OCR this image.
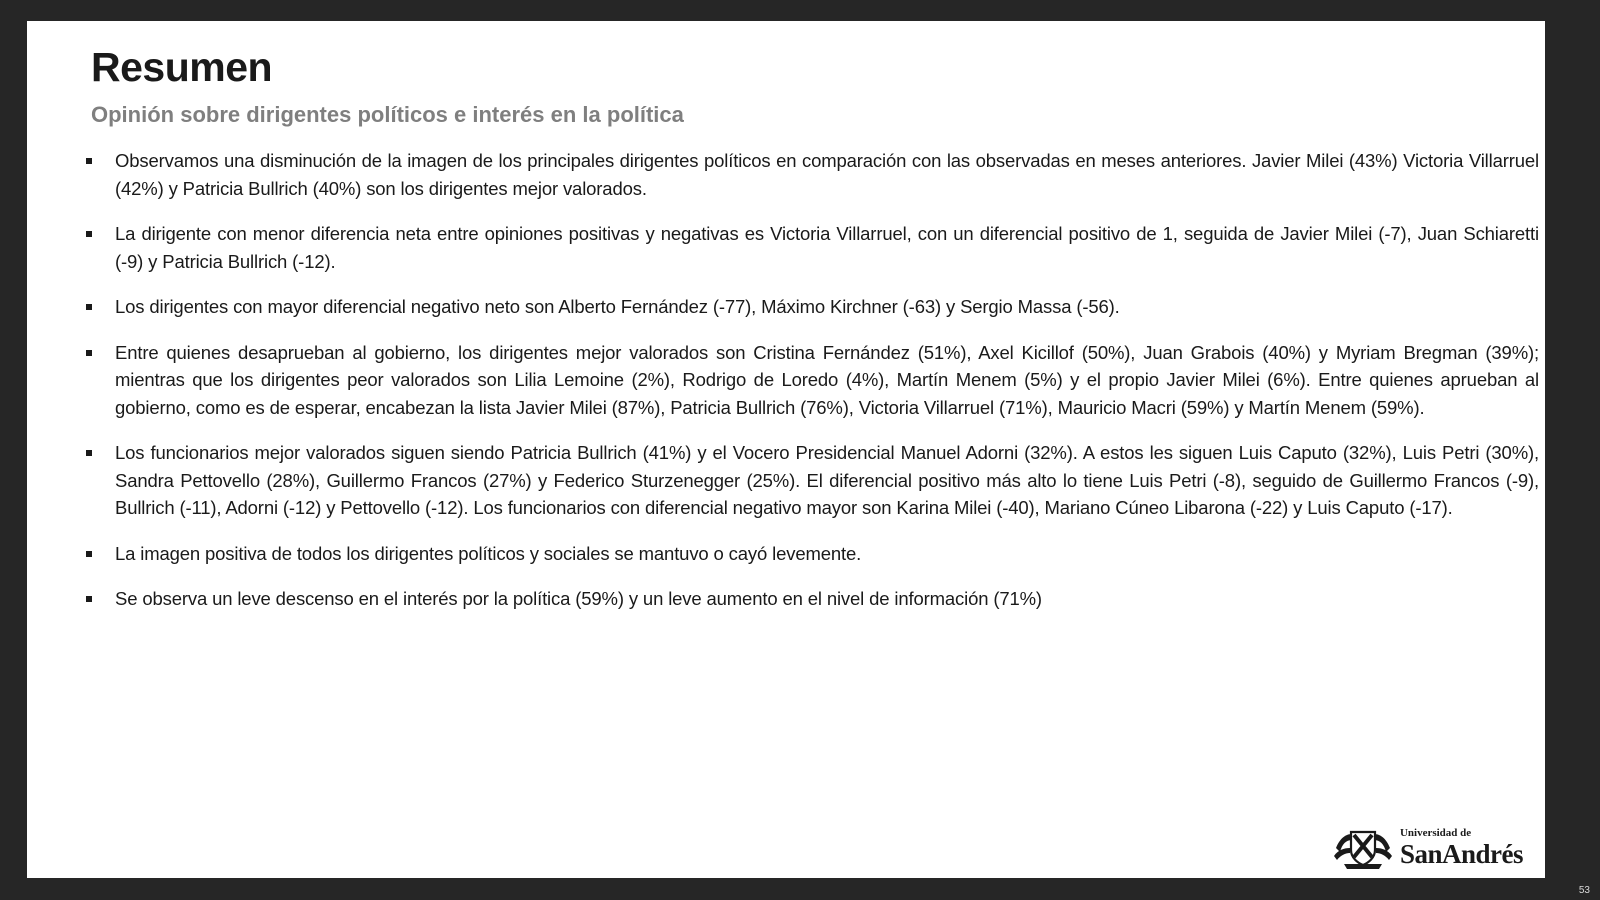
Resumen
Opinión sobre dirigentes políticos e interés en la política
Observamos una disminución de la imagen de los principales dirigentes políticos en comparación con las observadas en meses anteriores. Javier Milei (43%) Victoria Villarruel (42%) y Patricia Bullrich (40%) son los dirigentes mejor valorados.
La dirigente con menor diferencia neta entre opiniones positivas y negativas es Victoria Villarruel, con un diferencial positivo de 1, seguida de Javier Milei (-7), Juan Schiaretti (-9) y Patricia Bullrich (-12).
Los dirigentes con mayor diferencial negativo neto son Alberto Fernández (-77), Máximo Kirchner (-63) y Sergio Massa (-56).
Entre quienes desaprueban al gobierno, los dirigentes mejor valorados son Cristina Fernández (51%), Axel Kicillof (50%), Juan Grabois (40%) y Myriam Bregman (39%); mientras que los dirigentes peor valorados son Lilia Lemoine (2%), Rodrigo de Loredo (4%), Martín Menem (5%) y el propio Javier Milei (6%). Entre quienes aprueban al gobierno, como es de esperar, encabezan la lista Javier Milei (87%), Patricia Bullrich (76%), Victoria Villarruel (71%), Mauricio Macri (59%) y Martín Menem (59%).
Los funcionarios mejor valorados siguen siendo Patricia Bullrich (41%) y el Vocero Presidencial Manuel Adorni (32%). A estos les siguen Luis Caputo (32%), Luis Petri (30%), Sandra Pettovello (28%), Guillermo Francos (27%) y Federico Sturzenegger (25%). El diferencial positivo más alto lo tiene Luis Petri (-8), seguido de Guillermo Francos (-9), Bullrich (-11), Adorni (-12) y Pettovello (-12). Los funcionarios con diferencial negativo mayor son Karina Milei (-40), Mariano Cúneo Libarona (-22) y Luis Caputo (-17).
La imagen positiva de todos los dirigentes políticos y sociales se mantuvo o cayó levemente.
Se observa un leve descenso en el interés por la política (59%) y un leve aumento en el nivel de información (71%)
Universidad de
SanAndrés
53
